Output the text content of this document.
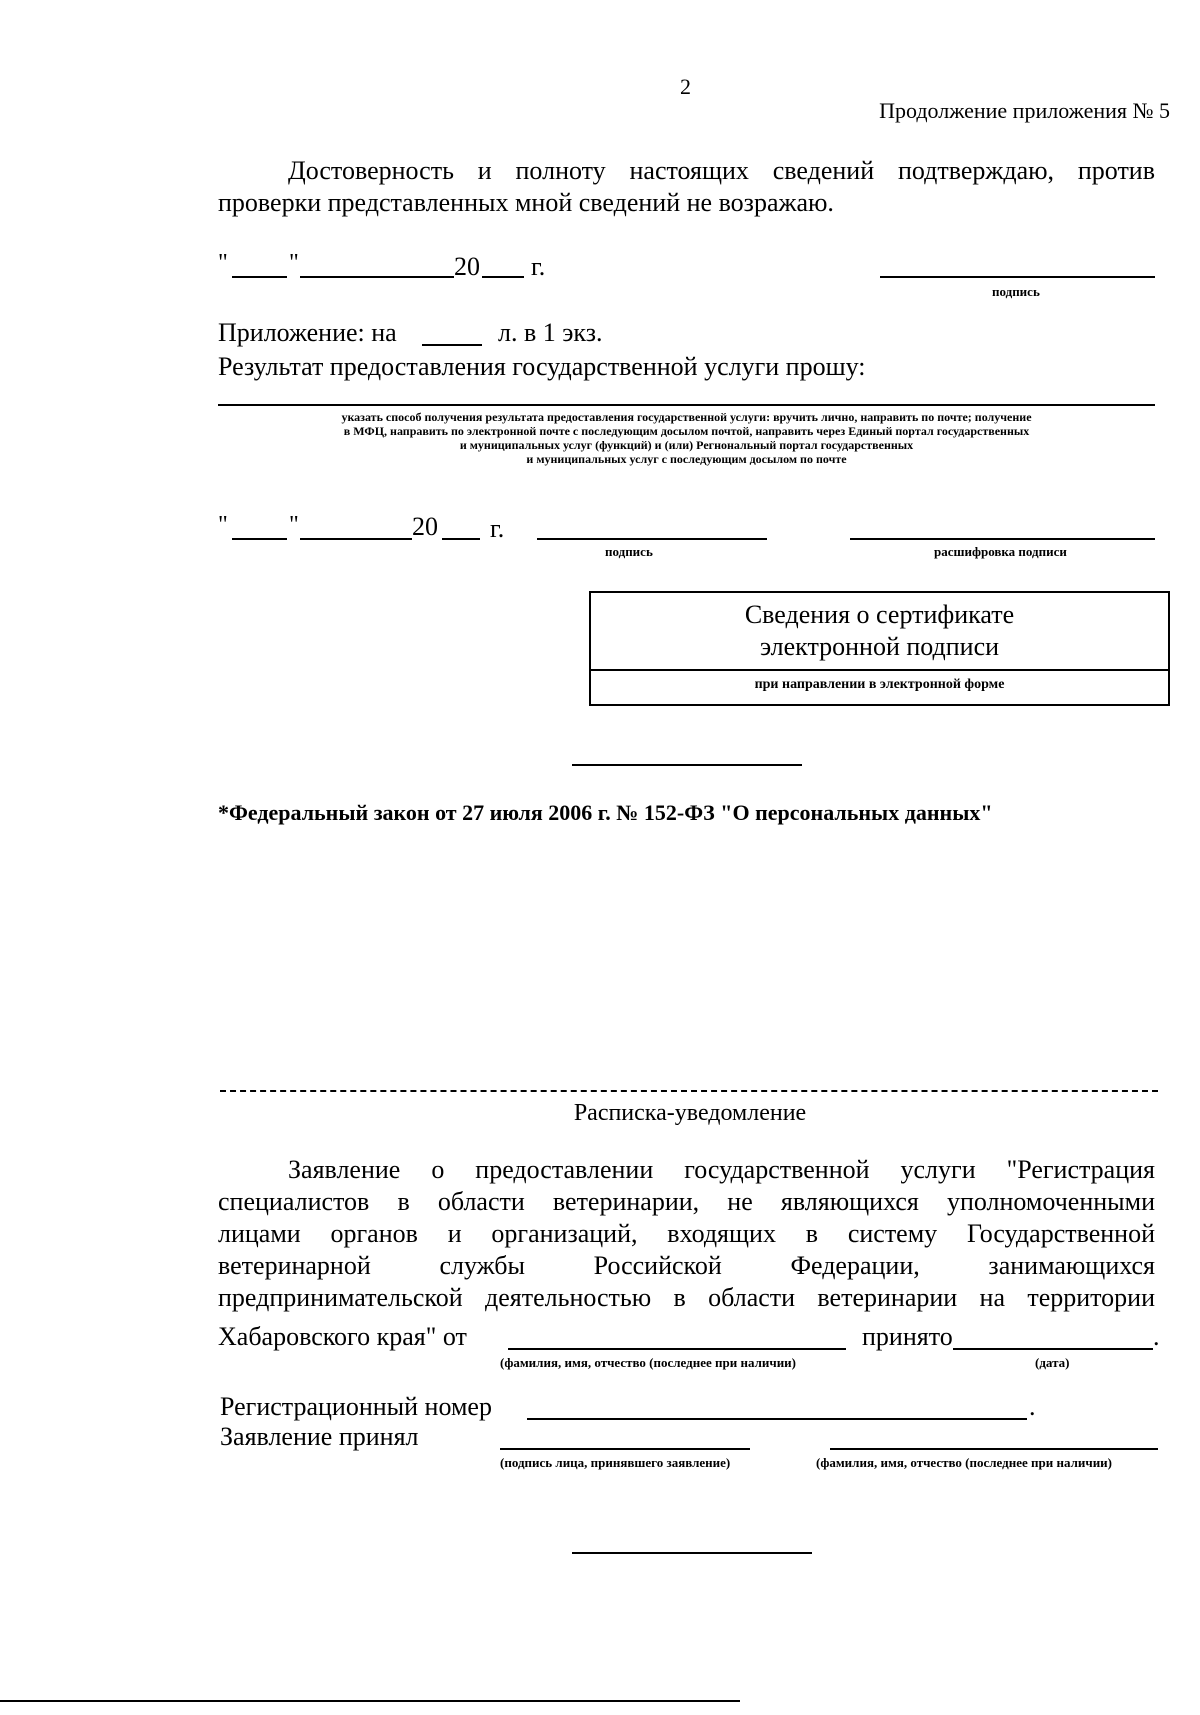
2
Продолжение приложения № 5
Достоверность и полноту настоящих сведений подтверждаю, против проверки представленных мной сведений не возражаю.
"	"	20 г.
подпись
Приложение: на	л. в 1 экз.
Результат предоставления государственной услуги прошу:
указать способ получения результата предоставления государственной услуги: вручить лично, направить по почте; получение
в МФЦ, направить по электронной почте с последующим досылом почтой, направить через Единый портал государственных
и муниципальных услуг (функций) и (или) Регнональный портал государственных
и муниципальных услуг с последующим досылом по почте
"	"	20 г.
подпись	расшифровка подписи
Сведения о сертификате
электронной подписи
при направлении в электронной форме
*Федеральный закон от 27 июля 2006 г. № 152-ФЗ "О персональных данных"
Расписка-уведомление
Заявление о предоставлении государственной услуги "Регистрация
специалистов в области ветеринарии, не являющихся уполномоченными
лицами органов и организаций, входящих в систему Государственной
ветеринарной службы Российской Федерации, занимающихся
предпринимательской деятельностью в области ветеринарии на территории
Хабаровского края" от	принято	.
(фамилия, имя, отчество (последнее при наличии)	(дата)
Регистрационный номер	.
Заявление принял
(подпись лица, принявшего заявление)	(фамилия, имя, отчество (последнее при наличии)
